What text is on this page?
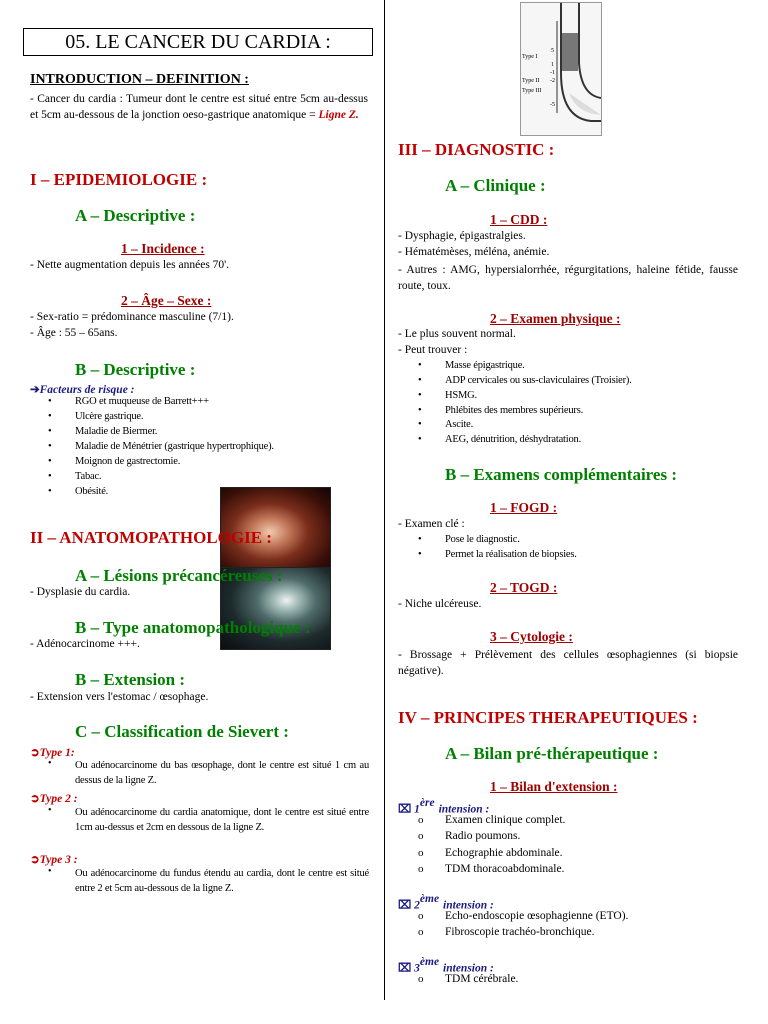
05. LE CANCER DU CARDIA :
INTRODUCTION – DEFINITION :
- Cancer du cardia : Tumeur dont le centre est situé entre 5cm au-dessus et 5cm au-dessous de la jonction oeso-gastrique anatomique = Ligne Z.
I – EPIDEMIOLOGIE :
A – Descriptive :
1 – Incidence :
- Nette augmentation depuis les années 70'.
2 – Âge – Sexe :
- Sex-ratio = prédominance masculine (7/1).
- Âge : 55 – 65ans.
B – Descriptive :
➔Facteurs de risque :
• RGO et muqueuse de Barrett+++
• Ulcère gastrique.
• Maladie de Biermer.
• Maladie de Ménétrier (gastrique hypertrophique).
• Moignon de gastrectomie.
• Tabac.
• Obésité.
II – ANATOMOPATHOLOGIE :
A – Lésions précancéreuses :
- Dysplasie du cardia.
B – Type anatomopathologique :
- Adénocarcinome +++.
B – Extension :
- Extension vers l'estomac / œsophage.
C – Classification de Sievert :
➲Type 1:
Ou adénocarcinome du bas œsophage, dont le centre est situé 1 cm au dessus de la ligne Z.
•
➲Type 2 :
Ou adénocarcinome du cardia anatomique, dont le centre est situé entre 1cm au-dessus et 2cm en dessous de la ligne Z.
•
➲Type 3 :
Ou adénocarcinome du fundus étendu au cardia, dont le centre est situé entre 2 et 5cm au-dessous de la ligne Z.
•
Type I
Type II
Type III
5
1
-1
-2
-5
III – DIAGNOSTIC :
A – Clinique :
1 – CDD :
- Dysphagie, épigastralgies.
- Hématémèses, méléna, anémie.
- Autres : AMG, hypersialorrhée, régurgitations, haleine fétide, fausse route, toux.
2 – Examen physique :
- Le plus souvent normal.
- Peut trouver :
• Masse épigastrique.
• ADP cervicales ou sus-claviculaires (Troisier).
• HSMG.
• Phlébites des membres supérieurs.
• Ascite.
• AEG, dénutrition, déshydratation.
B – Examens complémentaires :
1 – FOGD :
- Examen clé :
• Pose le diagnostic.
• Permet la réalisation de biopsies.
2 – TOGD :
- Niche ulcéreuse.
3 – Cytologie :
- Brossage + Prélèvement des cellules œsophagiennes (si biopsie négative).
IV – PRINCIPES THERAPEUTIQUES :
A – Bilan pré-thérapeutique :
1 – Bilan d'extension :
⌧ 1ère intension :
o Examen clinique complet.
o Radio poumons.
o Echographie abdominale.
o TDM thoracoabdominale.
⌧ 2ème intension :
o Echo-endoscopie œsophagienne (ETO).
o Fibroscopie trachéo-bronchique.
⌧ 3ème intension :
o TDM cérébrale.
